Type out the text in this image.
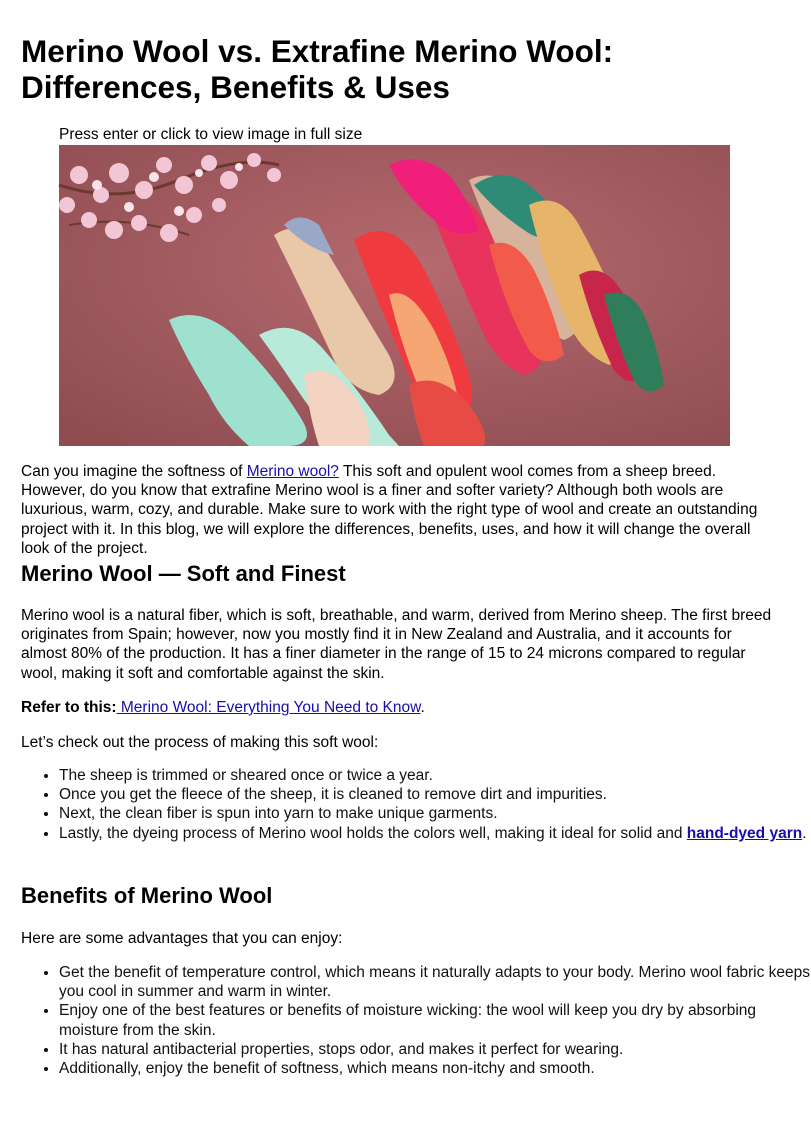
Merino Wool vs. Extrafine Merino Wool: Differences, Benefits & Uses
Press enter or click to view image in full size

Can you imagine the softness of Merino wool? This soft and opulent wool comes from a sheep breed. However, do you know that extrafine Merino wool is a finer and softer variety? Although both wools are luxurious, warm, cozy, and durable. Make sure to work with the right type of wool and create an outstanding project with it. In this blog, we will explore the differences, benefits, uses, and how it will change the overall look of the project.

Merino Wool — Soft and Finest

Merino wool is a natural fiber, which is soft, breathable, and warm, derived from Merino sheep. The first breed originates from Spain; however, now you mostly find it in New Zealand and Australia, and it accounts for almost 80% of the production. It has a finer diameter in the range of 15 to 24 microns compared to regular wool, making it soft and comfortable against the skin.

Refer to this: Merino Wool: Everything You Need to Know.

Let’s check out the process of making this soft wool:

• The sheep is trimmed or sheared once or twice a year.
• Once you get the fleece of the sheep, it is cleaned to remove dirt and impurities.
• Next, the clean fiber is spun into yarn to make unique garments.
• Lastly, the dyeing process of Merino wool holds the colors well, making it ideal for solid and hand-dyed yarn.
Benefits of Merino Wool

Here are some advantages that you can enjoy:

• Get the benefit of temperature control, which means it naturally adapts to your body. Merino wool fabric keeps you cool in summer and warm in winter.
• Enjoy one of the best features or benefits of moisture wicking: the wool will keep you dry by absorbing moisture from the skin.
• It has natural antibacterial properties, stops odor, and makes it perfect for wearing.
• Additionally, enjoy the benefit of softness, which means non-itchy and smooth.
